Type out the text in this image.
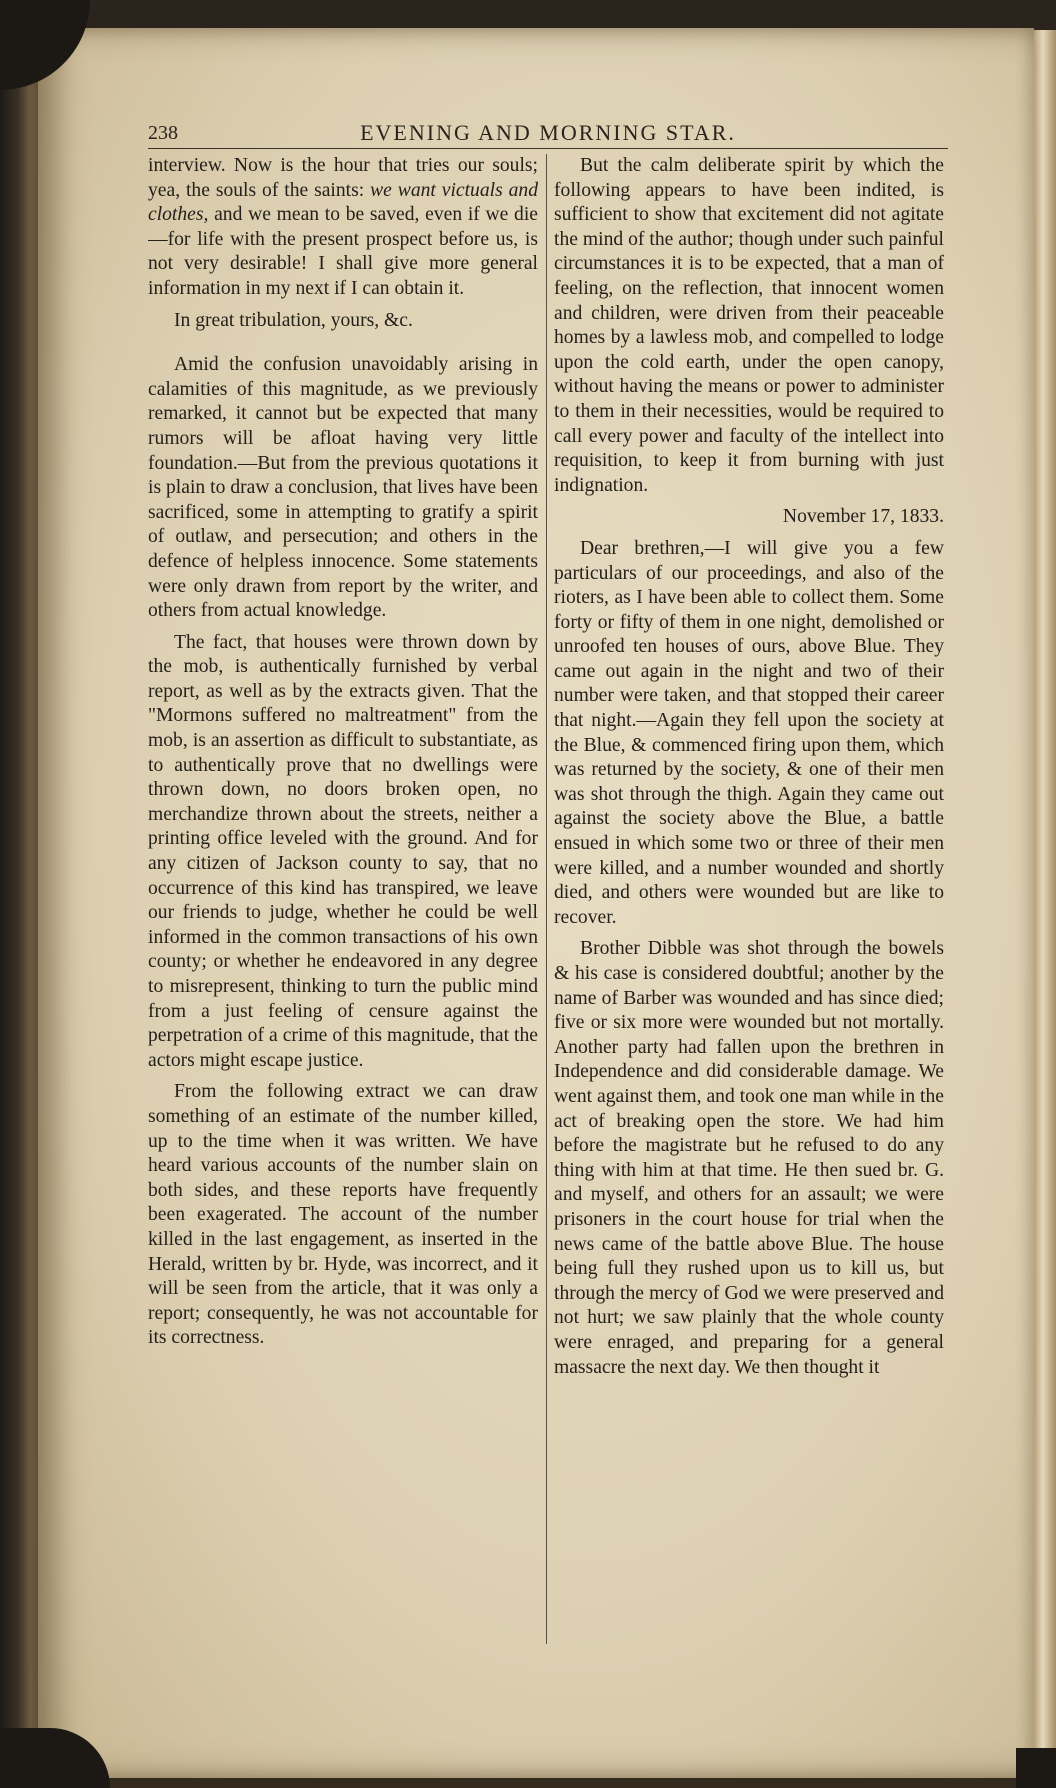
238	EVENING AND MORNING STAR.

interview. Now is the hour that tries our souls; yea, the souls of the saints: we want victuals and clothes, and we mean to be saved, even if we die—for life with the present prospect before us, is not very desirable! I shall give more general information in my next if I can obtain it.

In great tribulation, yours, &c.

Amid the confusion unavoidably arising in calamities of this magnitude, as we previously remarked, it cannot but be expected that many rumors will be afloat having very little foundation.—But from the previous quotations it is plain to draw a conclusion, that lives have been sacrificed, some in attempting to gratify a spirit of outlaw, and persecution; and others in the defence of helpless innocence. Some statements were only drawn from report by the writer, and others from actual knowledge.

The fact, that houses were thrown down by the mob, is authentically furnished by verbal report, as well as by the extracts given. That the "Mormons suffered no maltreatment" from the mob, is an assertion as difficult to substantiate, as to authentically prove that no dwellings were thrown down, no doors broken open, no merchandize thrown about the streets, neither a printing office leveled with the ground. And for any citizen of Jackson county to say, that no occurrence of this kind has transpired, we leave our friends to judge, whether he could be well informed in the common transactions of his own county; or whether he endeavored in any degree to misrepresent, thinking to turn the public mind from a just feeling of censure against the perpetration of a crime of this magnitude, that the actors might escape justice.

From the following extract we can draw something of an estimate of the number killed, up to the time when it was written. We have heard various accounts of the number slain on both sides, and these reports have frequently been exagerated. The account of the number killed in the last engagement, as inserted in the Herald, written by br. Hyde, was incorrect, and it will be seen from the article, that it was only a report; consequently, he was not accountable for its correctness.

But the calm deliberate spirit by which the following appears to have been indited, is sufficient to show that excitement did not agitate the mind of the author; though under such painful circumstances it is to be expected, that a man of feeling, on the reflection, that innocent women and children, were driven from their peaceable homes by a lawless mob, and compelled to lodge upon the cold earth, under the open canopy, without having the means or power to administer to them in their necessities, would be required to call every power and faculty of the intellect into requisition, to keep it from burning with just indignation.

November 17, 1833.

Dear brethren,—I will give you a few particulars of our proceedings, and also of the rioters, as I have been able to collect them. Some forty or fifty of them in one night, demolished or unroofed ten houses of ours, above Blue. They came out again in the night and two of their number were taken, and that stopped their career that night.—Again they fell upon the society at the Blue, & commenced firing upon them, which was returned by the society, & one of their men was shot through the thigh. Again they came out against the society above the Blue, a battle ensued in which some two or three of their men were killed, and a number wounded and shortly died, and others were wounded but are like to recover.

Brother Dibble was shot through the bowels & his case is considered doubtful; another by the name of Barber was wounded and has since died; five or six more were wounded but not mortally. Another party had fallen upon the brethren in Independence and did considerable damage. We went against them, and took one man while in the act of breaking open the store. We had him before the magistrate but he refused to do any thing with him at that time. He then sued br. G. and myself, and others for an assault; we were prisoners in the court house for trial when the news came of the battle above Blue. The house being full they rushed upon us to kill us, but through the mercy of God we were preserved and not hurt; we saw plainly that the whole county were enraged, and preparing for a general massacre the next day. We then thought it
